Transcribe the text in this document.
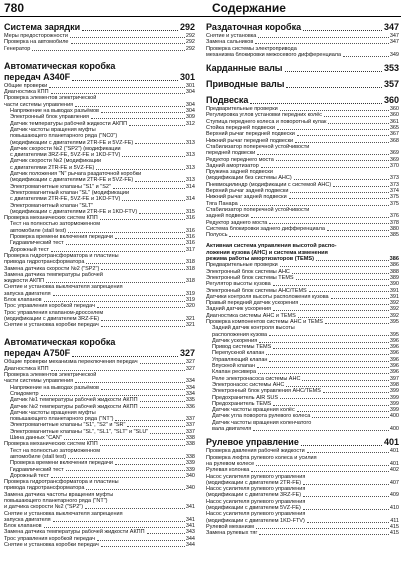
780	Содержание
Система зарядки	292
Меры предосторожности	292
Проверка на автомобиле	292
Генератор	292
Автоматическая коробка
передач A340F	301
Общие проверки	301
Диагностика КПП	304
Проверка элементов электрической
части системы управления	304
Напряжение на выводах разъёмов	304
Электронный блок управления	309
Датчик температуры рабочей жидкости АКПП	312
Датчик частоты вращения муфты
повышающего планетарного ряда ("NC0")
(модификации с двигателями 2TR-FE и 5VZ-FE)	313
Датчик скорости №2 ("SP2") (модификации
с двигателями 3RZ-FE, 5VZ-FE и 1KD-FTV)	313
Датчик скорости №2 (модификации
с двигателями 2TR-FE и 5VZ-FE)	313
Датчик положения "N" рычага раздаточной коробки
(модификации с двигателями 2TR-FE и 5VZ-FE)	313
Электромагнитные клапаны "S1" и "S2"	314
Электромагнитный клапан "SL" (модификации
с двигателями 2TR-FE, 5VZ-FE и 1KD-FTV)	314
Электромагнитный клапан "SLT"
(модификации с двигателями 2TR-FE и 1KD-FTV)	315
Проверка механических систем КПП	316
Тест на полностью заторможенном
автомобиле (stall test)	316
Проверка времени включения передачи	316
Гидравлический тест	316
Дорожный тест	317
Проверка гидротрансформатора и пластины
привода гидротрансформатора	318
Замена датчика скорости №2 ("SP2")	318
Замена датчика температуры рабочей
жидкости АКПП	318
Снятие и установка выключателя запрещения
запуска двигателя	319
Блок клапанов	319
Трос управления коробкой передач	320
Трос управления клапаном-дросселем
(модификации с двигателем 3RZ-FE)	321
Снятие и установка коробки передач	321
Автоматическая коробка
передач A750F	327
Общие проверки механизма переключения передач	327
Диагностика КПП	327
Проверка элементов электрической
части системы управления	334
Напряжение на выводах разъёмов	334
Спидометр	334
Датчик №1 температуры рабочей жидкости АКПП	335
Датчик №2 температуры рабочей жидкости АКПП	336
Датчик частоты вращения муфты
повышающего планетарного ряда ("NT")	337
Электромагнитные клапаны "S1", "S2" и "SR"	337
Электромагнитные клапаны "SL", "SL1", "SLT" и "SLU"	337
Шина данных "CAN"	338
Проверка механических систем КПП	338
Тест на полностью заторможенном
автомобиле (stall test)	338
Проверка времени включения передачи	339
Гидравлический тест	339
Дорожный тест	340
Проверка гидротрансформатора и пластины
привода гидротрансформатора	340
Замена датчика частоты вращения муфты
повышающего планетарного ряда ("NT")
и датчика скорости №2 ("SP2")	341
Снятие и установка выключателя запрещения
запуска двигателя	341
Блок клапанов	341
Замена датчика температуры рабочей жидкости АКПП	343
Трос управления коробкой передач	344
Снятие и установка коробки передач	344
Раздаточная коробка	347
Снятие и установка	347
Замена сальников	347
Проверка системы электропривода
механизма блокировки межосевого дифференциала	349
Карданные валы	353
Приводные валы	357
Подвеска	360
Предварительные проверки	360
Регулировка углов установки передних колёс	360
Ступица переднего колеса и поворотный кулак	361
Стойка передней подвески	365
Верхний рычаг передней подвески	367
Нижний рычаг передней подвески	368
Стабилизатор поперечной устойчивости
передней подвески	369
Редуктор переднего моста	369
Задний амортизатор	370
Пружина задней подвески
(модификации без системы AHC)	373
Пневмоцилиндр (модификации с системой AHC)	373
Верхний рычаг задней подвески	374
Нижний рычаг задней подвески	375
Тяга Панара	375
Стабилизатор поперечной устойчивости
задней подвески	376
Редуктор заднего моста	378
Система блокировки заднего дифференциала	380
Полуось	385
Активная система управления высотой распо-
ложения кузова (AHC) и система изменения
режима работы амортизаторов (TEMS)	386
Предварительные проверки	386
Электронный блок системы AHC	388
Электронный блок системы TEMS	389
Регулятор высоты кузова	390
Электронный блок системы AHC/TEMS	391
Датчики контроля высоты расположения кузова	391
Правый передний датчик ускорения	392
Задний датчик ускорения	392
Диагностика системы AHC и TEMS	392
Проверка компонентов системы AHC и TEMS	395
Задний датчик контроля высоты
расположения кузова	395
Датчик ускорения	396
Привод системы TEMS	396
Перепускной клапан	396
Управляющий клапан	396
Впускной клапан	396
Клапан ресивера	396
Реле электронасоса системы AHC	397
Электронасос системы AHC	398
Электронный блок управления AHC/TEMS	399
Предохранитель AIR SUS	399
Предохранитель TEMS	399
Датчик частоты вращения колёс	399
Датчик угла поворота рулевого колеса	400
Датчик частоты вращения коленчатого
вала двигателя	400
Рулевое управление	401
Проверка давления рабочей жидкости	401
Проверка люфта рулевого колеса и усилия
на рулевом колесе	401
Рулевая колонка	402
Насос усилителя рулевого управления
(модификации с двигателем 2TR-FE)	407
Насос усилителя рулевого управления
(модификации с двигателем 3RZ-FE)	409
Насос усилителя рулевого управления
(модификации с двигателем 5VZ-FE)	410
Насос усилителя рулевого управления
(модификации с двигателем 1KD-FTV)	411
Рулевой механизм	415
Замена рулевых тяг	415
